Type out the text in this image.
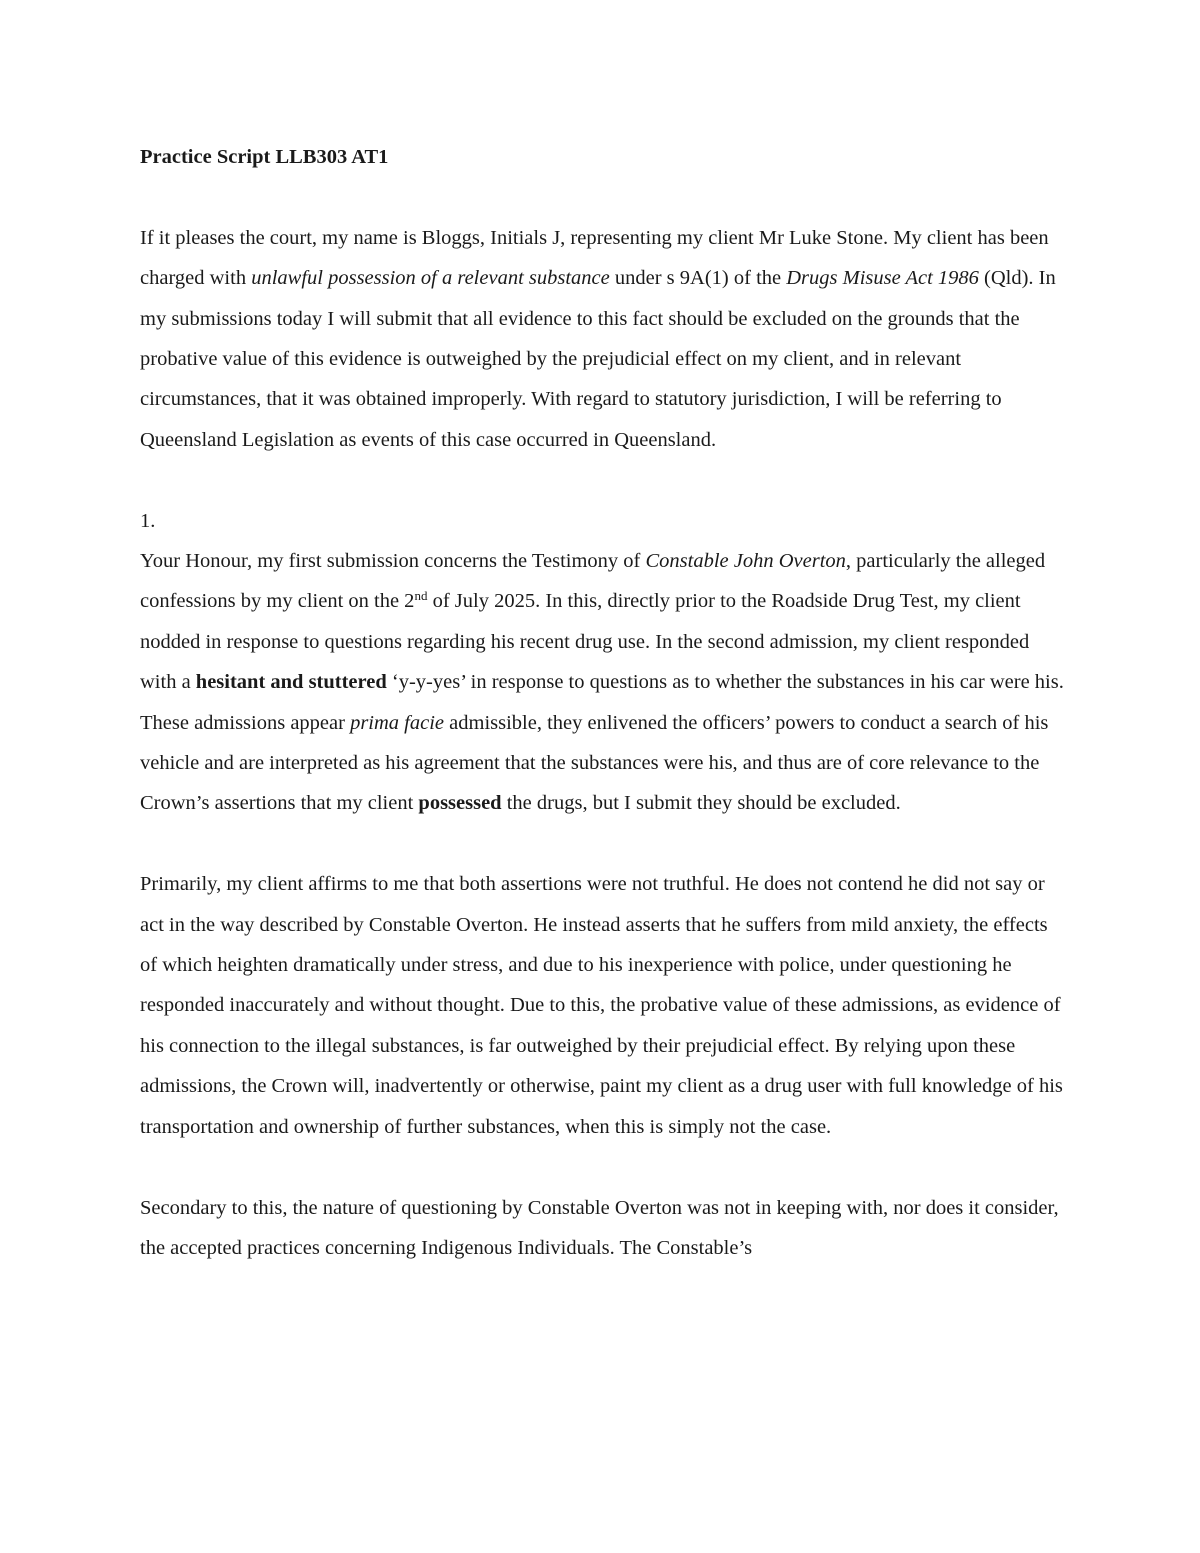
Practice Script LLB303 AT1

If it pleases the court, my name is Bloggs, Initials J, representing my client Mr Luke Stone. My client has been charged with unlawful possession of a relevant substance under s 9A(1) of the Drugs Misuse Act 1986 (Qld). In my submissions today I will submit that all evidence to this fact should be excluded on the grounds that the probative value of this evidence is outweighed by the prejudicial effect on my client, and in relevant circumstances, that it was obtained improperly. With regard to statutory jurisdiction, I will be referring to Queensland Legislation as events of this case occurred in Queensland.

1.

Your Honour, my first submission concerns the Testimony of Constable John Overton, particularly the alleged confessions by my client on the 2nd of July 2025. In this, directly prior to the Roadside Drug Test, my client nodded in response to questions regarding his recent drug use. In the second admission, my client responded with a hesitant and stuttered ‘y-y-yes’ in response to questions as to whether the substances in his car were his. These admissions appear prima facie admissible, they enlivened the officers’ powers to conduct a search of his vehicle and are interpreted as his agreement that the substances were his, and thus are of core relevance to the Crown’s assertions that my client possessed the drugs, but I submit they should be excluded.

Primarily, my client affirms to me that both assertions were not truthful. He does not contend he did not say or act in the way described by Constable Overton. He instead asserts that he suffers from mild anxiety, the effects of which heighten dramatically under stress, and due to his inexperience with police, under questioning he responded inaccurately and without thought. Due to this, the probative value of these admissions, as evidence of his connection to the illegal substances, is far outweighed by their prejudicial effect. By relying upon these admissions, the Crown will, inadvertently or otherwise, paint my client as a drug user with full knowledge of his transportation and ownership of further substances, when this is simply not the case.

Secondary to this, the nature of questioning by Constable Overton was not in keeping with, nor does it consider, the accepted practices concerning Indigenous Individuals. The Constable’s
